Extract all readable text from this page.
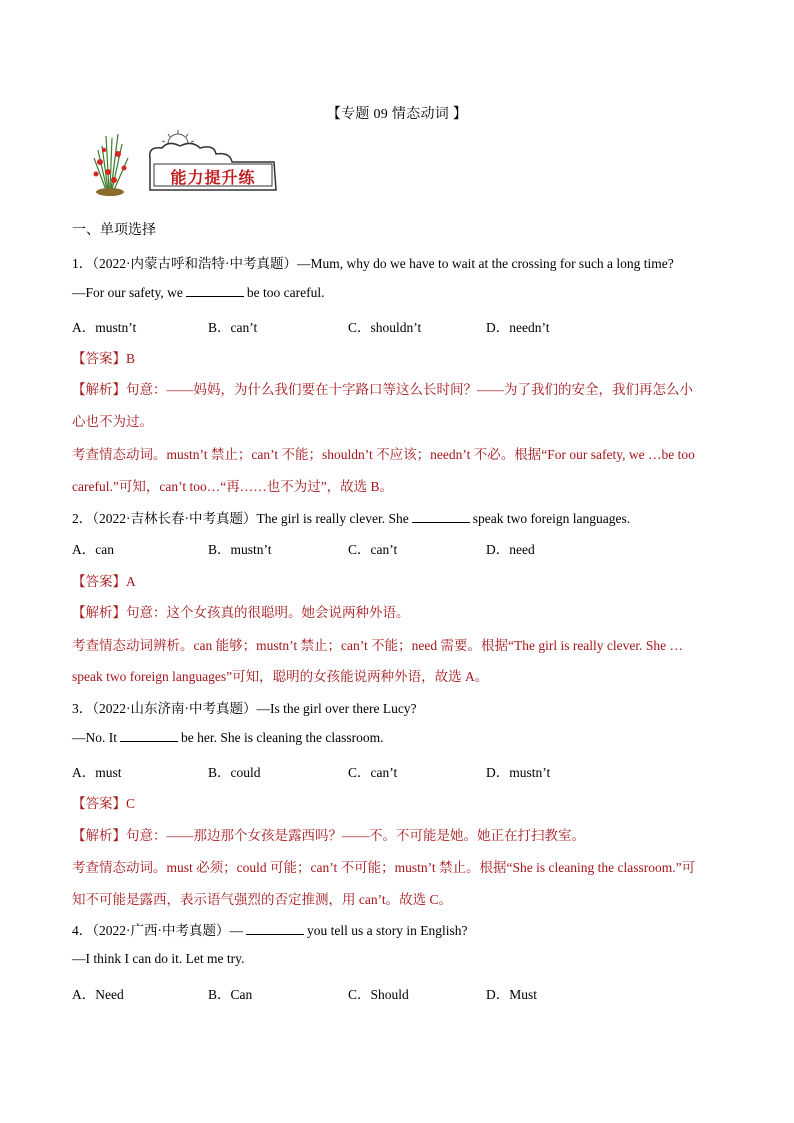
【专题 09 情态动词 】
能力提升练
一、单项选择
1．（2022·内蒙古呼和浩特·中考真题）—Mum, why do we have to wait at the crossing for such a long time?
—For our safety, we	be too careful.
A．mustn’t	B．can’t	C．shouldn’t	D．needn’t
【答案】B
【解析】句意：——妈妈，为什么我们要在十字路口等这么长时间？——为了我们的安全，我们再怎么小
心也不为过。
考查情态动词。mustn’t 禁止；can’t 不能；shouldn’t 不应该；needn’t 不必。根据“For our safety, we …be too
careful.”可知，can’t too…“再……也不为过”，故选 B。
2．（2022·吉林长春·中考真题）The girl is really clever. She	speak two foreign languages.
A．can	B．mustn’t	C．can’t	D．need
【答案】A
【解析】句意：这个女孩真的很聪明。她会说两种外语。
考查情态动词辨析。can 能够；mustn’t 禁止；can’t 不能；need 需要。根据“The girl is really clever. She …
speak two foreign languages”可知，聪明的女孩能说两种外语，故选 A。
3．（2022·山东济南·中考真题）—Is the girl over there Lucy?
—No. It	be her. She is cleaning the classroom.
A．must	B．could	C．can’t	D．mustn’t
【答案】C
【解析】句意：——那边那个女孩是露西吗？——不。不可能是她。她正在打扫教室。
考查情态动词。must 必须；could 可能；can’t 不可能；mustn’t 禁止。根据“She is cleaning the classroom.”可
知不可能是露西，表示语气强烈的否定推测，用 can’t。故选 C。
4．（2022·广西·中考真题）—	you tell us a story in English?
—I think I can do it. Let me try.
A．Need	B．Can	C．Should	D．Must
